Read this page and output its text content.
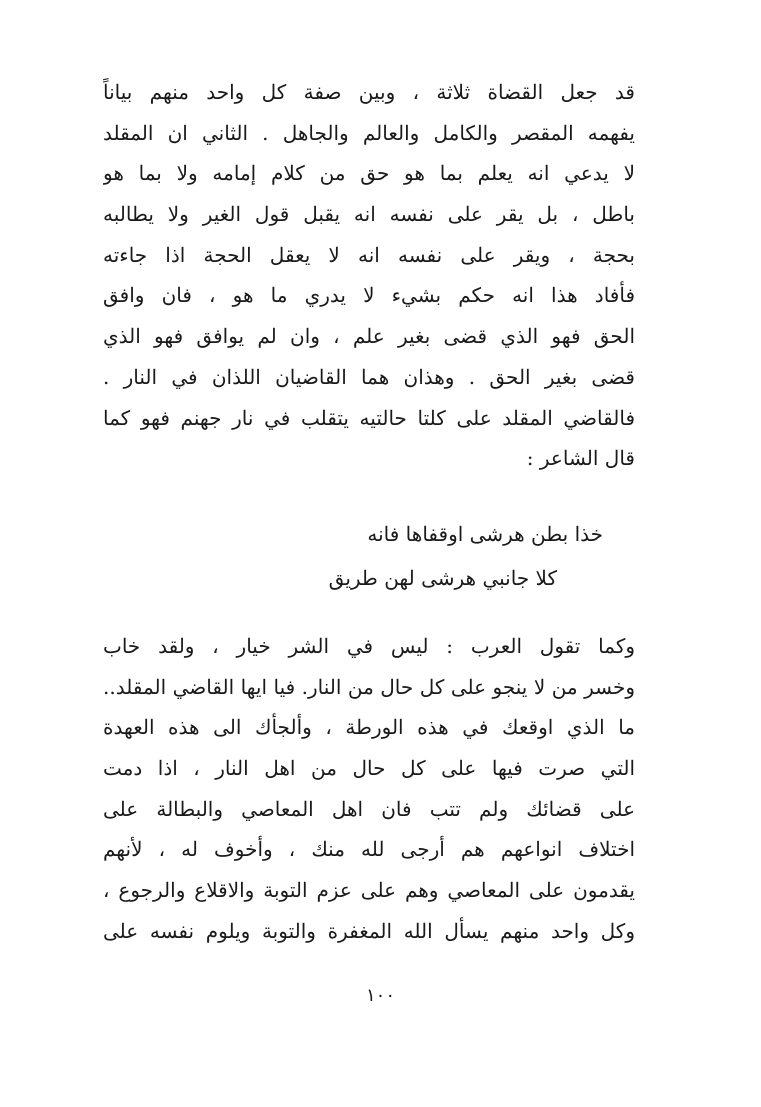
قد جعل القضاة ثلاثة ، وبين صفة كل واحد منهم بياناً
يفهمه المقصر والكامل والعالم والجاهل . الثاني ان المقلد
لا يدعي انه يعلم بما هو حق من كلام إمامه ولا بما هو
باطل ، بل يقر على نفسه انه يقبل قول الغير ولا يطالبه
بحجة ، ويقر على نفسه انه لا يعقل الحجة اذا جاءته
فأفاد هذا انه حكم بشيء لا يدري ما هو ، فان وافق
الحق فهو الذي قضى بغير علم ، وان لم يوافق فهو الذي
قضى بغير الحق . وهذان هما القاضيان اللذان في النار .
فالقاضي المقلد على كلتا حالتيه يتقلب في نار جهنم فهو كما
قال الشاعر :
خذا بطن هرشى اوقفاها فانه
كلا جانبي هرشى لهن طريق
وكما تقول العرب : ليس في الشر خيار ، ولقد خاب
وخسر من لا ينجو على كل حال من النار. فيا ايها القاضي المقلد..
ما الذي اوقعك في هذه الورطة ، وألجأك الى هذه العهدة
التي صرت فيها على كل حال من اهل النار ، اذا دمت
على قضائك ولم تتب فان اهل المعاصي والبطالة على
اختلاف انواعهم هم أرجى لله منك ، وأخوف له ، لأنهم
يقدمون على المعاصي وهم على عزم التوبة والاقلاع والرجوع ،
وكل واحد منهم يسأل الله المغفرة والتوبة ويلوم نفسه على
١٠٠
